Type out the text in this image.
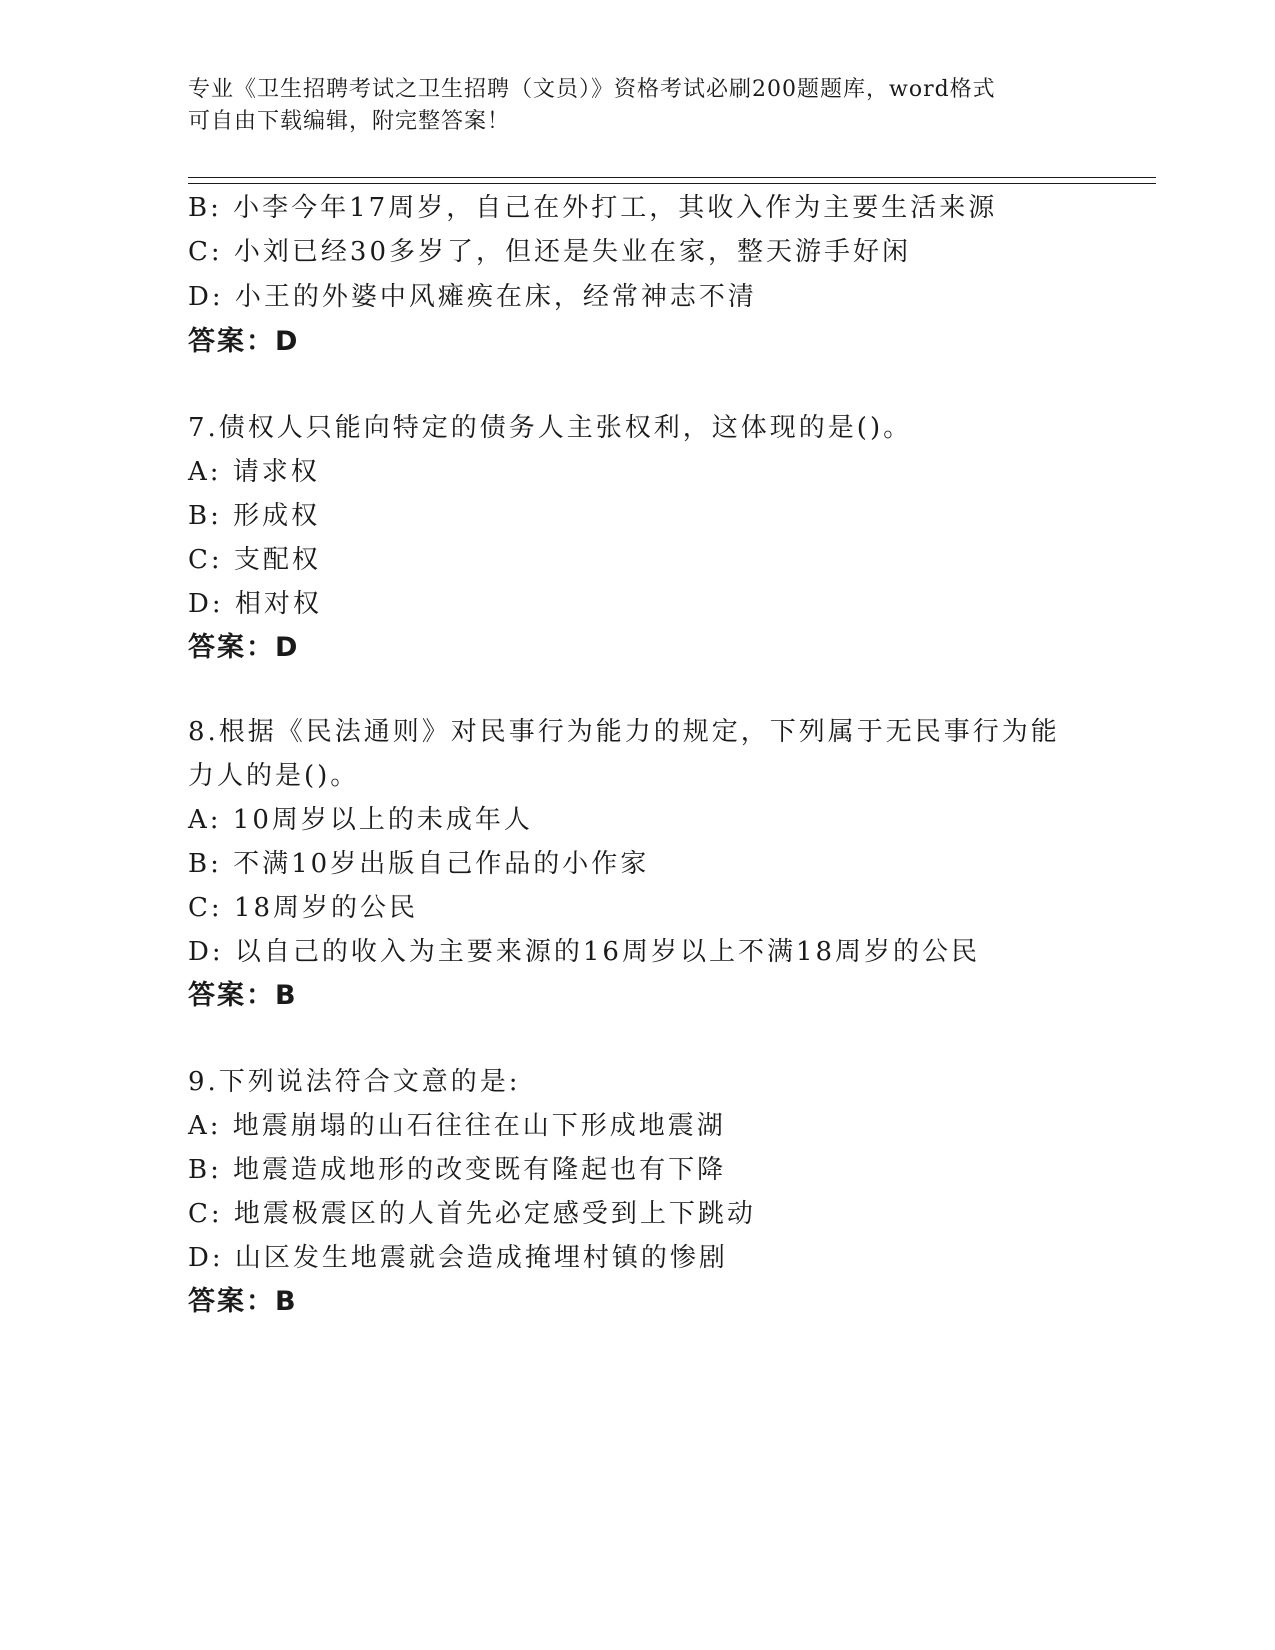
专业《卫生招聘考试之卫生招聘（文员）》资格考试必刷200题题库，word格式
可自由下载编辑，附完整答案！
B: 小李今年17周岁，自己在外打工，其收入作为主要生活来源
C: 小刘已经30多岁了，但还是失业在家，整天游手好闲
D: 小王的外婆中风瘫痪在床，经常神志不清
答案：D
7.债权人只能向特定的债务人主张权利，这体现的是()。
A: 请求权
B: 形成权
C: 支配权
D: 相对权
答案：D
8.根据《民法通则》对民事行为能力的规定，下列属于无民事行为能
力人的是()。
A: 10周岁以上的未成年人
B: 不满10岁出版自己作品的小作家
C: 18周岁的公民
D: 以自己的收入为主要来源的16周岁以上不满18周岁的公民
答案：B
9.下列说法符合文意的是:
A: 地震崩塌的山石往往在山下形成地震湖
B: 地震造成地形的改变既有隆起也有下降
C: 地震极震区的人首先必定感受到上下跳动
D: 山区发生地震就会造成掩埋村镇的惨剧
答案：B
